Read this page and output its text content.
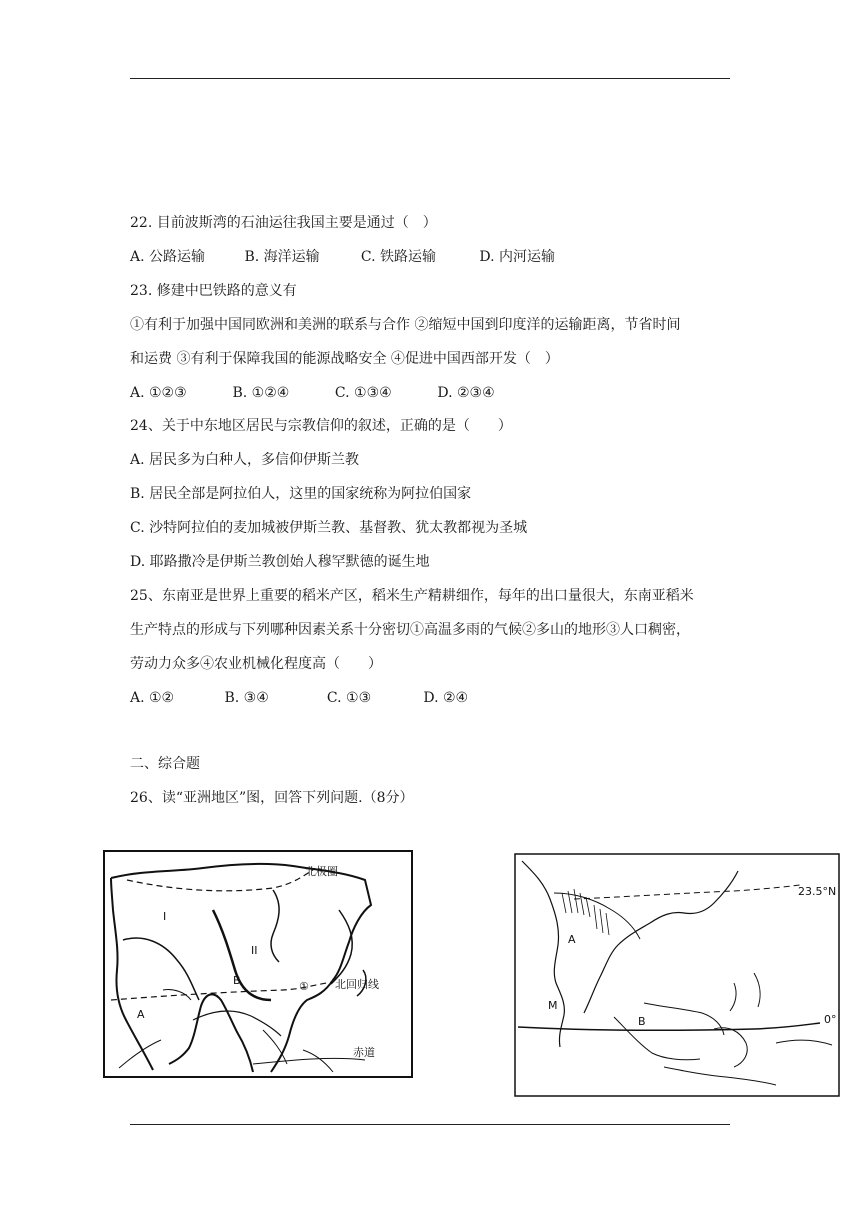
22. 目前波斯湾的石油运往我国主要是通过（　）
A. 公路运输	B. 海洋运输	C. 铁路运输	D. 内河运输
23. 修建中巴铁路的意义有
①有利于加强中国同欧洲和美洲的联系与合作 ②缩短中国到印度洋的运输距离，节省时间
和运费 ③有利于保障我国的能源战略安全 ④促进中国西部开发（　）
A. ①②③	B. ①②④	C. ①③④	D. ②③④
24、关于中东地区居民与宗教信仰的叙述，正确的是（　　）
A. 居民多为白种人，多信仰伊斯兰教
B. 居民全部是阿拉伯人，这里的国家统称为阿拉伯国家
C. 沙特阿拉伯的麦加城被伊斯兰教、基督教、犹太教都视为圣城
D. 耶路撒冷是伊斯兰教创始人穆罕默德的诞生地
25、东南亚是世界上重要的稻米产区，稻米生产精耕细作，每年的出口量很大，东南亚稻米
生产特点的形成与下列哪种因素关系十分密切①高温多雨的气候②多山的地形③人口稠密，
劳动力众多④农业机械化程度高（　　）
A. ①②	B. ③④	C. ①③	D. ②④
二、综合题
26、读“亚洲地区”图，回答下列问题.（8分）
北极圈
北回归线
赤道
I
II
A
B	①
23.5°N
0°
A
B
M
